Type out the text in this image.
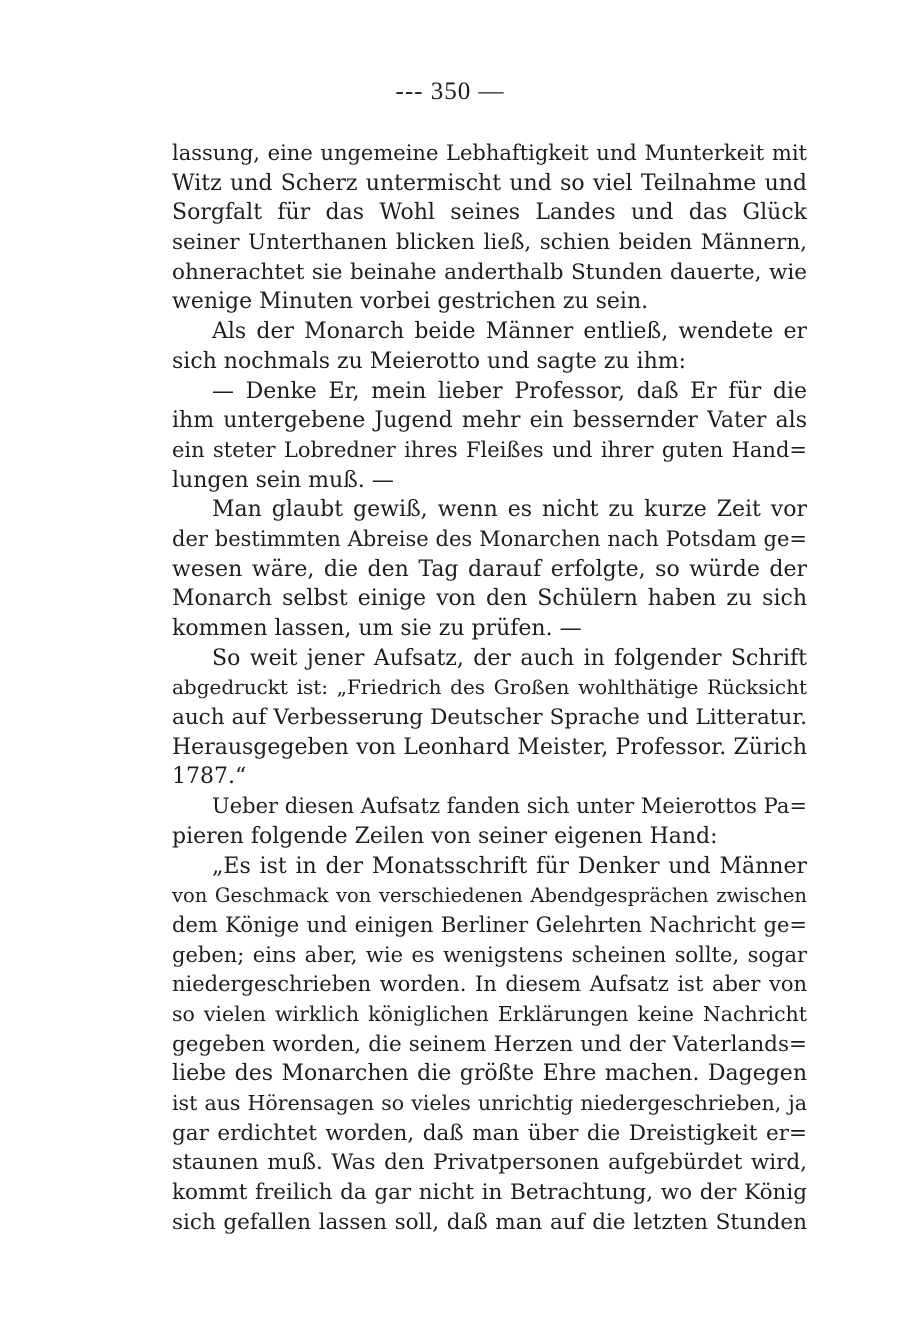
--- 350 —
lassung, eine ungemeine Lebhaftigkeit und Munterkeit mit
Witz und Scherz untermischt und so viel Teilnahme und
Sorgfalt für das Wohl seines Landes und das Glück
seiner Unterthanen blicken ließ, schien beiden Männern,
ohnerachtet sie beinahe anderthalb Stunden dauerte, wie
wenige Minuten vorbei gestrichen zu sein.
Als der Monarch beide Männer entließ, wendete er
sich nochmals zu Meierotto und sagte zu ihm:
— Denke Er, mein lieber Professor, daß Er für die
ihm untergebene Jugend mehr ein bessernder Vater als
ein steter Lobredner ihres Fleißes und ihrer guten Hand=
lungen sein muß. —
Man glaubt gewiß, wenn es nicht zu kurze Zeit vor
der bestimmten Abreise des Monarchen nach Potsdam ge=
wesen wäre, die den Tag darauf erfolgte, so würde der
Monarch selbst einige von den Schülern haben zu sich
kommen lassen, um sie zu prüfen. —
So weit jener Aufsatz, der auch in folgender Schrift
abgedruckt ist: „Friedrich des Großen wohlthätige Rücksicht
auch auf Verbesserung Deutscher Sprache und Litteratur.
Herausgegeben von Leonhard Meister, Professor. Zürich
1787.“
Ueber diesen Aufsatz fanden sich unter Meierottos Pa=
pieren folgende Zeilen von seiner eigenen Hand:
„Es ist in der Monatsschrift für Denker und Männer
von Geschmack von verschiedenen Abendgesprächen zwischen
dem Könige und einigen Berliner Gelehrten Nachricht ge=
geben; eins aber, wie es wenigstens scheinen sollte, sogar
niedergeschrieben worden. In diesem Aufsatz ist aber von
so vielen wirklich königlichen Erklärungen keine Nachricht
gegeben worden, die seinem Herzen und der Vaterlands=
liebe des Monarchen die größte Ehre machen. Dagegen
ist aus Hörensagen so vieles unrichtig niedergeschrieben, ja
gar erdichtet worden, daß man über die Dreistigkeit er=
staunen muß. Was den Privatpersonen aufgebürdet wird,
kommt freilich da gar nicht in Betrachtung, wo der König
sich gefallen lassen soll, daß man auf die letzten Stunden
